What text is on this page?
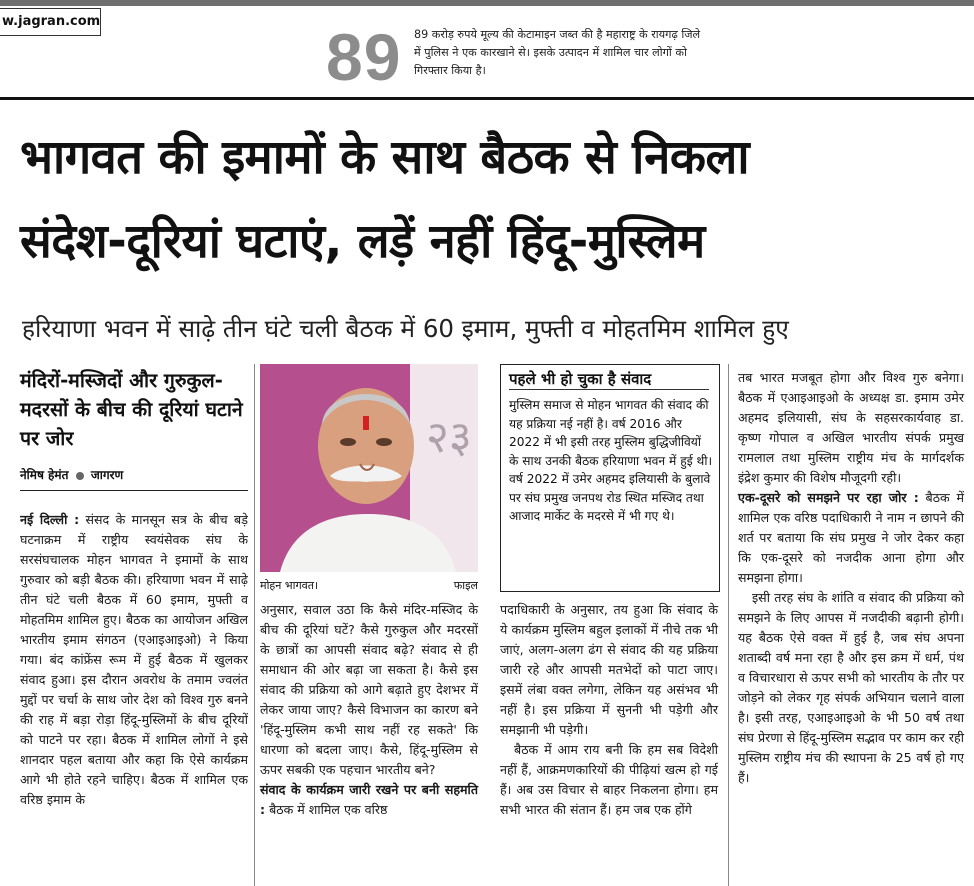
w.jagran.com	89 89 करोड़ रुपये मूल्य की केटामाइन जब्त की है महाराष्ट्र के रायगढ़ जिले में पुलिस ने एक कारखाने से। इसके उत्पादन में शामिल चार लोगों को गिरफ्तार किया है।
भागवत की इमामों के साथ बैठक से निकला
संदेश-दूरियां घटाएं, लड़ें नहीं हिंदू-मुस्लिम
हरियाणा भवन में साढ़े तीन घंटे चली बैठक में 60 इमाम, मुफ्ती व मोहतमिम शामिल हुए
मंदिरों-मस्जिदों और गुरुकुल-मदरसों के बीच की दूरियां घटाने पर जोर
नेमिष हेमंत जागरण

नई दिल्ली : संसद के मानसून सत्र के बीच बड़े घटनाक्रम में राष्ट्रीय स्वयंसेवक संघ के सरसंघचालक मोहन भागवत ने इमामों के साथ गुरुवार को बड़ी बैठक की। हरियाणा भवन में साढ़े तीन घंटे चली बैठक में 60 इमाम, मुफ्ती व मोहतमिम शामिल हुए। बैठक का आयोजन अखिल भारतीय इमाम संगठन (एआइआइओ) ने किया गया। बंद कांफ्रेंस रूम में हुई बैठक में खुलकर संवाद हुआ। इस दौरान अवरोध के तमाम ज्वलंत मुद्दों पर चर्चा के साथ जोर देश को विश्व गुरु बनने की राह में बड़ा रोड़ा हिंदू-मुस्लिमों के बीच दूरियों को पाटने पर रहा। बैठक में शामिल लोगों ने इसे शानदार पहल बताया और कहा कि ऐसे कार्यक्रम आगे भी होते रहने चाहिए। बैठक में शामिल एक वरिष्ठ इमाम के

२३
मोहन भागवत।	फाइल

अनुसार, सवाल उठा कि कैसे मंदिर-मस्जिद के बीच की दूरियां घटें? कैसे गुरुकुल और मदरसों के छात्रों का आपसी संवाद बढ़े? संवाद से ही समाधान की ओर बढ़ा जा सकता है। कैसे इस संवाद की प्रक्रिया को आगे बढ़ाते हुए देशभर में लेकर जाया जाए? कैसे विभाजन का कारण बने 'हिंदू-मुस्लिम कभी साथ नहीं रह सकते' कि धारणा को बदला जाए। कैसे, हिंदू-मुस्लिम से ऊपर सबकी एक पहचान भारतीय बने?

संवाद के कार्यक्रम जारी रखने पर बनी सहमति : बैठक में शामिल एक वरिष्ठ

पहले भी हो चुका है संवाद
मुस्लिम समाज से मोहन भागवत की संवाद की यह प्रक्रिया नई नहीं है। वर्ष 2016 और 2022 में भी इसी तरह मुस्लिम बुद्धिजीवियों के साथ उनकी बैठक हरियाणा भवन में हुई थी। वर्ष 2022 में उमेर अहमद इलियासी के बुलावे पर संघ प्रमुख जनपथ रोड स्थित मस्जिद तथा आजाद मार्केट के मदरसे में भी गए थे।

पदाधिकारी के अनुसार, तय हुआ कि संवाद के ये कार्यक्रम मुस्लिम बहुल इलाकों में नीचे तक भी जाएं, अलग-अलग ढंग से संवाद की यह प्रक्रिया जारी रहे और आपसी मतभेदों को पाटा जाए। इसमें लंबा वक्त लगेगा, लेकिन यह असंभव भी नहीं है। इस प्रक्रिया में सुननी भी पड़ेगी और समझानी भी पड़ेगी।

बैठक में आम राय बनी कि हम सब विदेशी नहीं हैं, आक्रमणकारियों की पीढ़ियां खत्म हो गई हैं। अब उस विचार से बाहर निकलना होगा। हम सभी भारत की संतान हैं। हम जब एक होंगे

तब भारत मजबूत होगा और विश्व गुरु बनेगा। बैठक में एआइआइओ के अध्यक्ष डा. इमाम उमेर अहमद इलियासी, संघ के सहसरकार्यवाह डा. कृष्ण गोपाल व अखिल भारतीय संपर्क प्रमुख रामलाल तथा मुस्लिम राष्ट्रीय मंच के मार्गदर्शक इंद्रेश कुमार की विशेष मौजूदगी रही।

एक-दूसरे को समझने पर रहा जोर : बैठक में शामिल एक वरिष्ठ पदाधिकारी ने नाम न छापने की शर्त पर बताया कि संघ प्रमुख ने जोर देकर कहा कि एक-दूसरे को नजदीक आना होगा और समझना होगा।

इसी तरह संघ के शांति व संवाद की प्रक्रिया को समझने के लिए आपस में नजदीकी बढ़ानी होगी। यह बैठक ऐसे वक्त में हुई है, जब संघ अपना शताब्दी वर्ष मना रहा है और इस क्रम में धर्म, पंथ व विचारधारा से ऊपर सभी को भारतीय के तौर पर जोड़ने को लेकर गृह संपर्क अभियान चलाने वाला है। इसी तरह, एआइआइओ के भी 50 वर्ष तथा संघ प्रेरणा से हिंदू-मुस्लिम सद्भाव पर काम कर रही मुस्लिम राष्ट्रीय मंच की स्थापना के 25 वर्ष हो गए हैं।
